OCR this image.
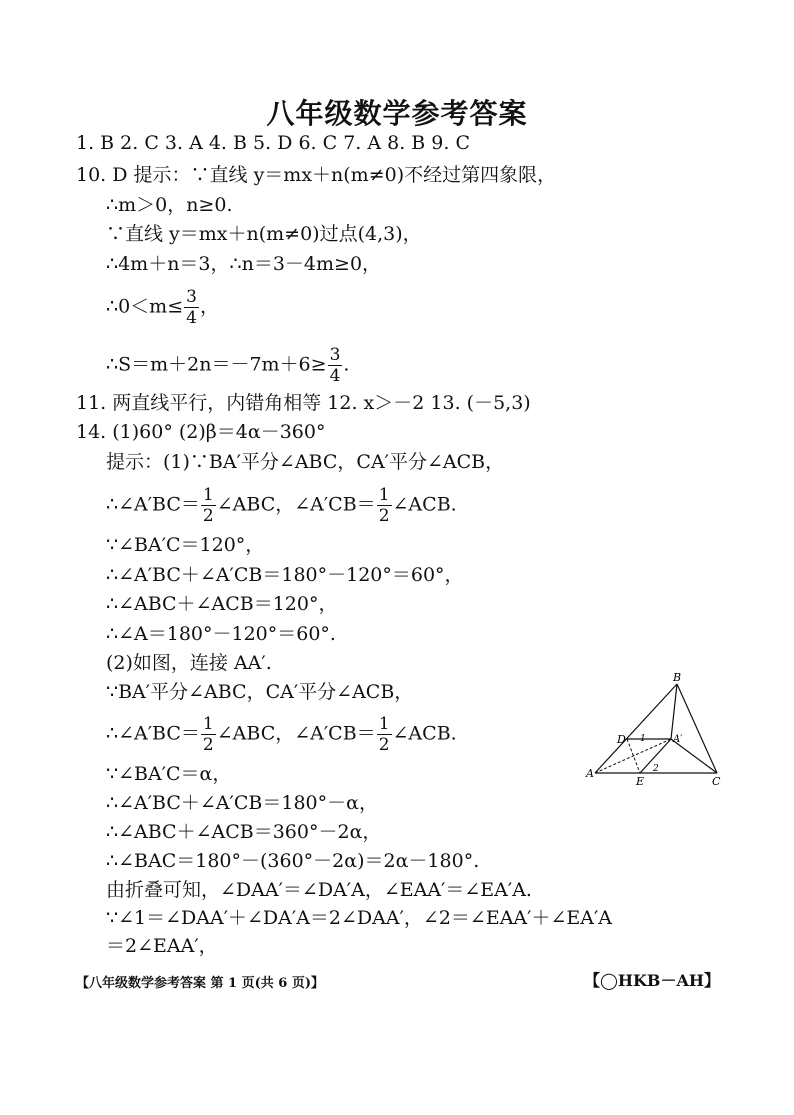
八年级数学参考答案
1. B 2. C 3. A 4. B 5. D 6. C 7. A 8. B 9. C
10. D 提示：∵直线 y＝mx＋n(m≠0)不经过第四象限，
∴m＞0，n≥0.
∵直线 y＝mx＋n(m≠0)过点(4,3)，
∴4m＋n＝3，∴n＝3－4m≥0，
∴0＜m≤ $\frac{3}{4}$ ，
∴S＝m＋2n＝－7m＋6≥ $\frac{3}{4}$ .
11. 两直线平行，内错角相等 12. x＞－2 13. (－5,3)
14. (1)60° (2)β＝4α－360°
提示：(1)∵BA′平分∠ABC，CA′平分∠ACB，
∴∠A′BC＝ $\frac{1}{2}$ ∠ABC，∠A′CB＝ $\frac{1}{2}$ ∠ACB.
∵∠BA′C＝120°，
∴∠A′BC＋∠A′CB＝180°－120°＝60°，
∴∠ABC＋∠ACB＝120°，
∴∠A＝180°－120°＝60°.
(2)如图，连接 AA′.
∵BA′平分∠ABC，CA′平分∠ACB，
∴∠A′BC＝ $\frac{1}{2}$ ∠ABC，∠A′CB＝ $\frac{1}{2}$ ∠ACB.
∵∠BA′C＝α，
∴∠A′BC＋∠A′CB＝180°－α，
∴∠ABC＋∠ACB＝360°－2α，
∴∠BAC＝180°－(360°－2α)＝2α－180°.
由折叠可知，∠DAA′＝∠DA′A，∠EAA′＝∠EA′A.
∵∠1＝∠DAA′＋∠DA′A＝2∠DAA′，∠2＝∠EAA′＋∠EA′A
＝2∠EAA′，
B
D	A′
A
E	C
1
2
【八年级数学参考答案 第 1 页(共 6 页)】	【◯HKB－AH】
